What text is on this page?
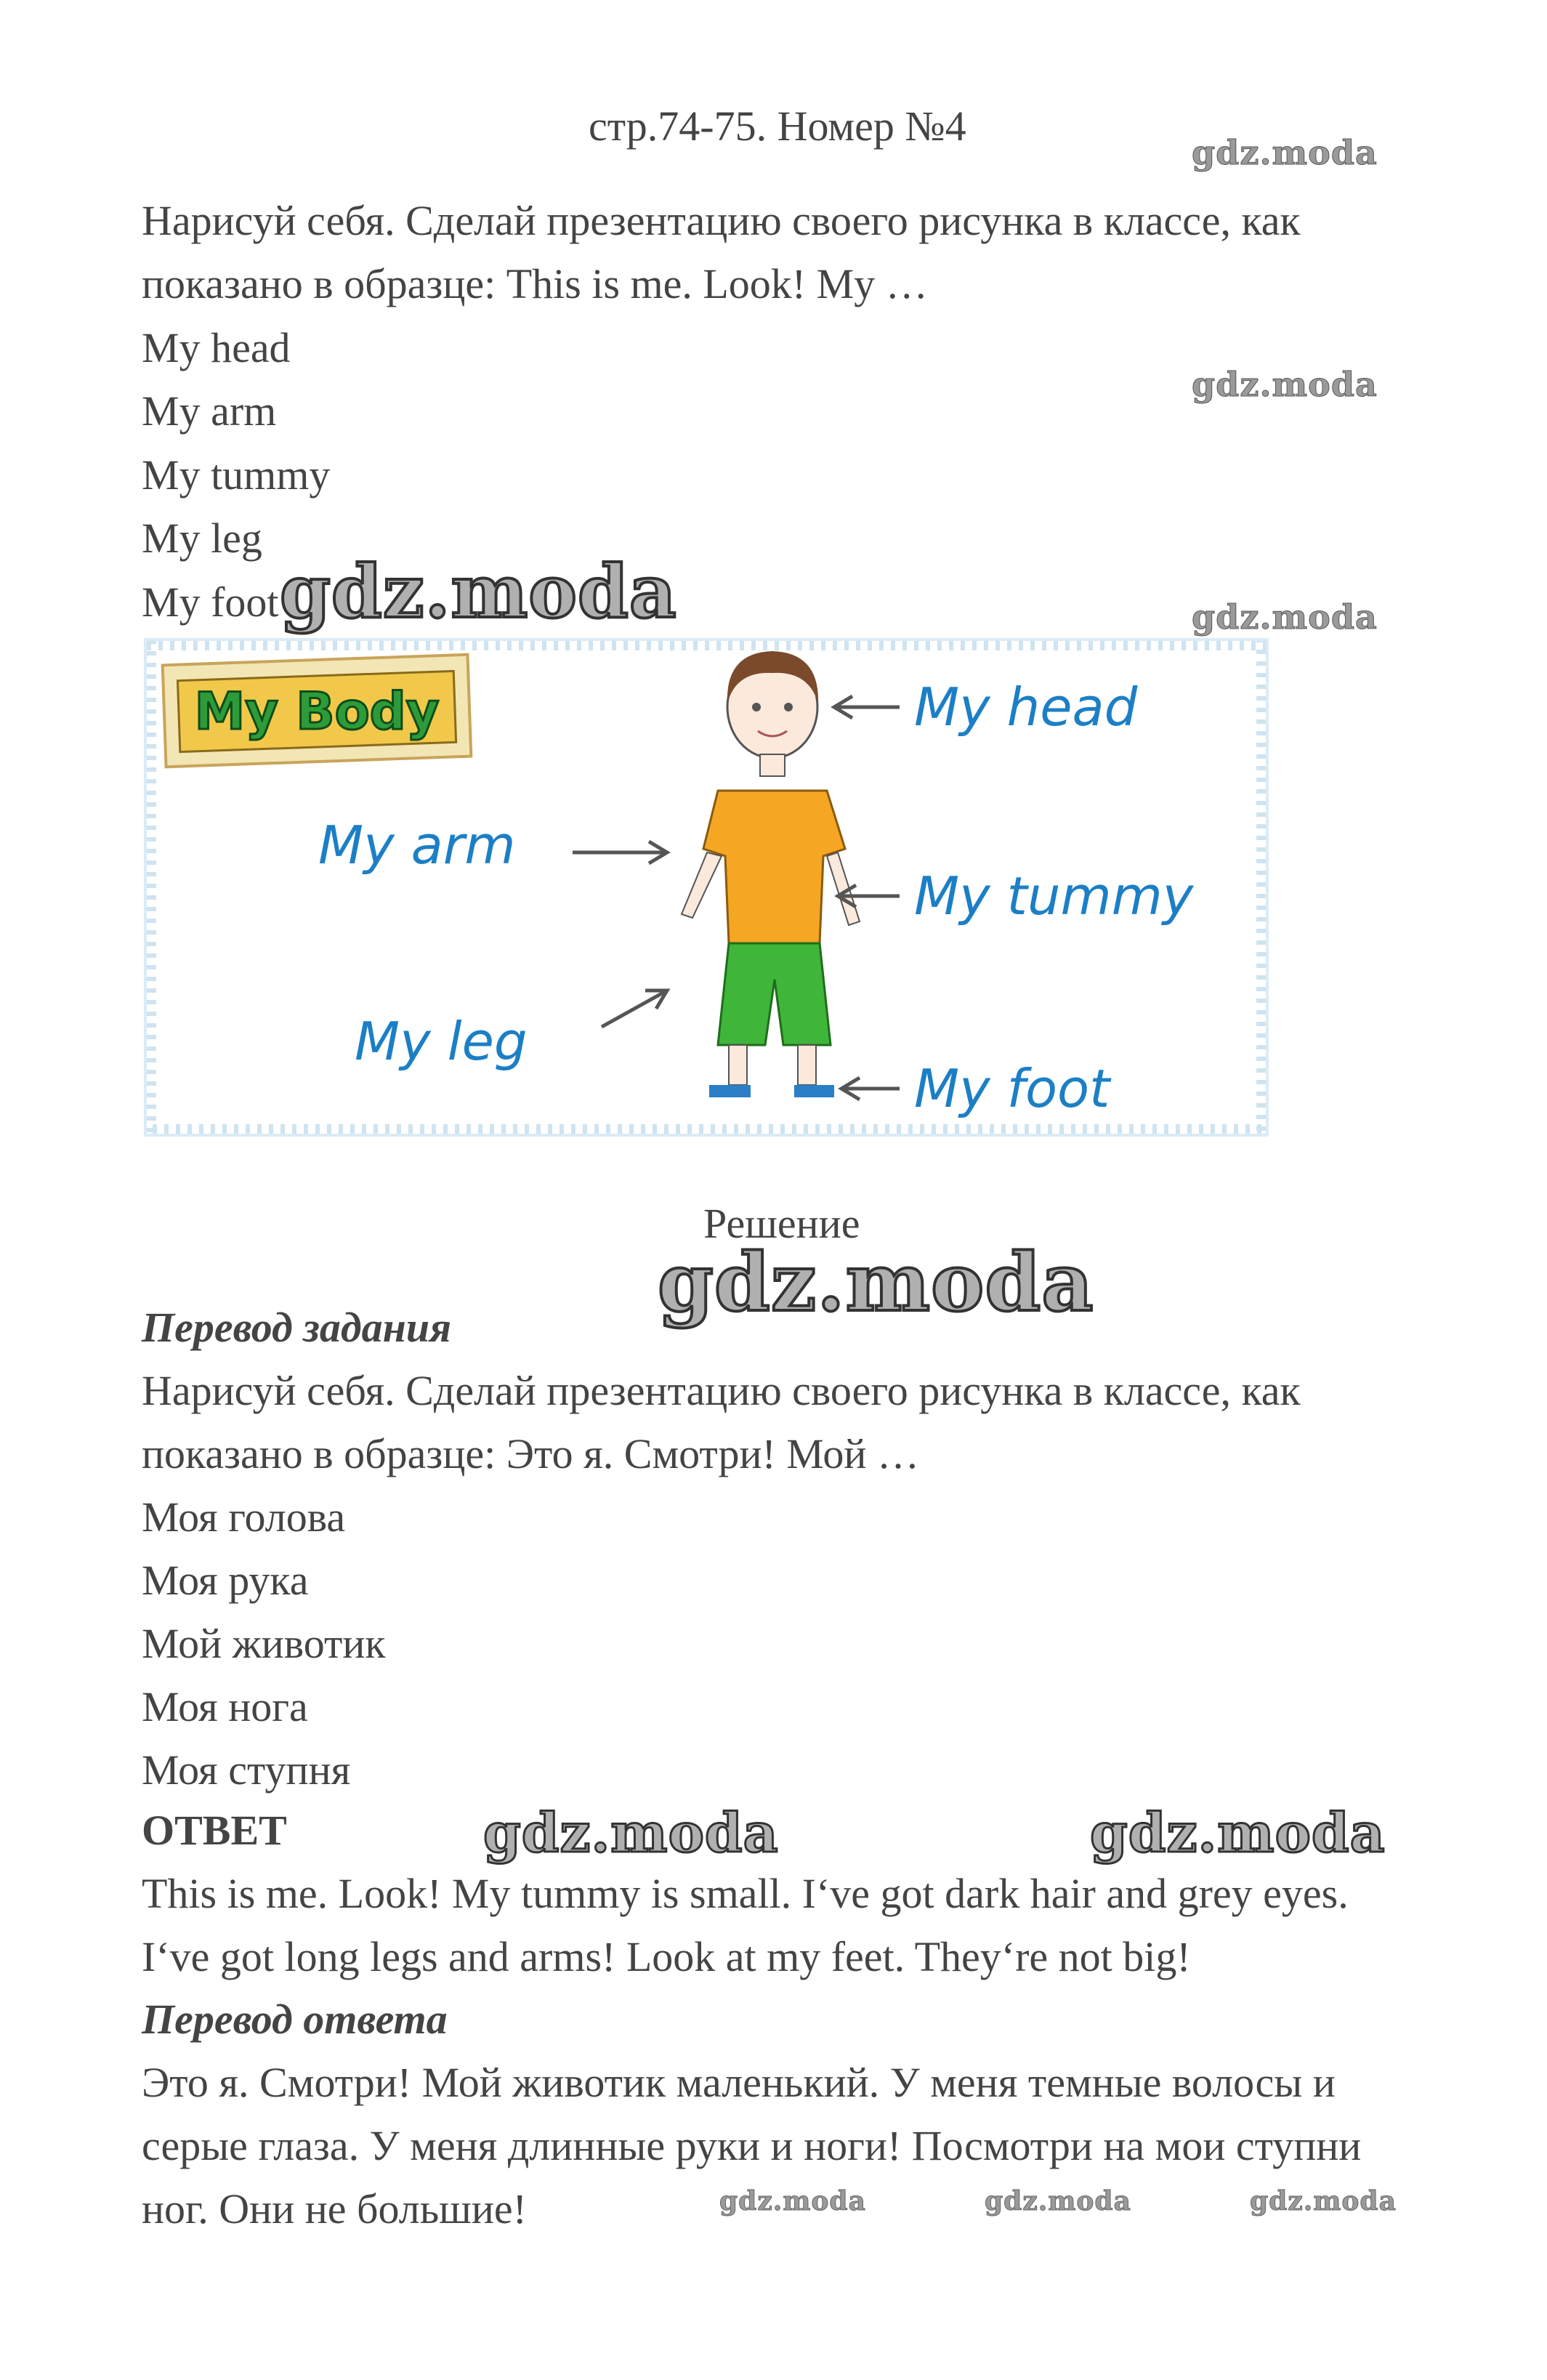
стр.74-75. Номер №4
Нарисуй себя. Сделай презентацию своего рисунка в классе, как
показано в образце: This is me. Look! My …
My head
My arm
My tummy
My leg
My foot
My Body	My head
My arm
My tummy
My leg
My foot
Решение
Перевод задания
Нарисуй себя. Сделай презентацию своего рисунка в классе, как
показано в образце: Это я. Смотри! Мой …
Моя голова
Моя рука
Мой животик
Моя нога
Моя ступня
ОТВЕТ
This is me. Look! My tummy is small. I‘ve got dark hair and grey eyes.
I‘ve got long legs and arms! Look at my feet. They‘re not big!
Перевод ответа
Это я. Смотри! Мой животик маленький. У меня темные волосы и
серые глаза. У меня длинные руки и ноги! Посмотри на мои ступни
ног. Они не большие!
gdz.moda
gdz.moda
gdz.moda	gdz.moda
gdz.moda
gdz.moda	gdz.moda
gdz.moda	gdz.moda	gdz.moda
